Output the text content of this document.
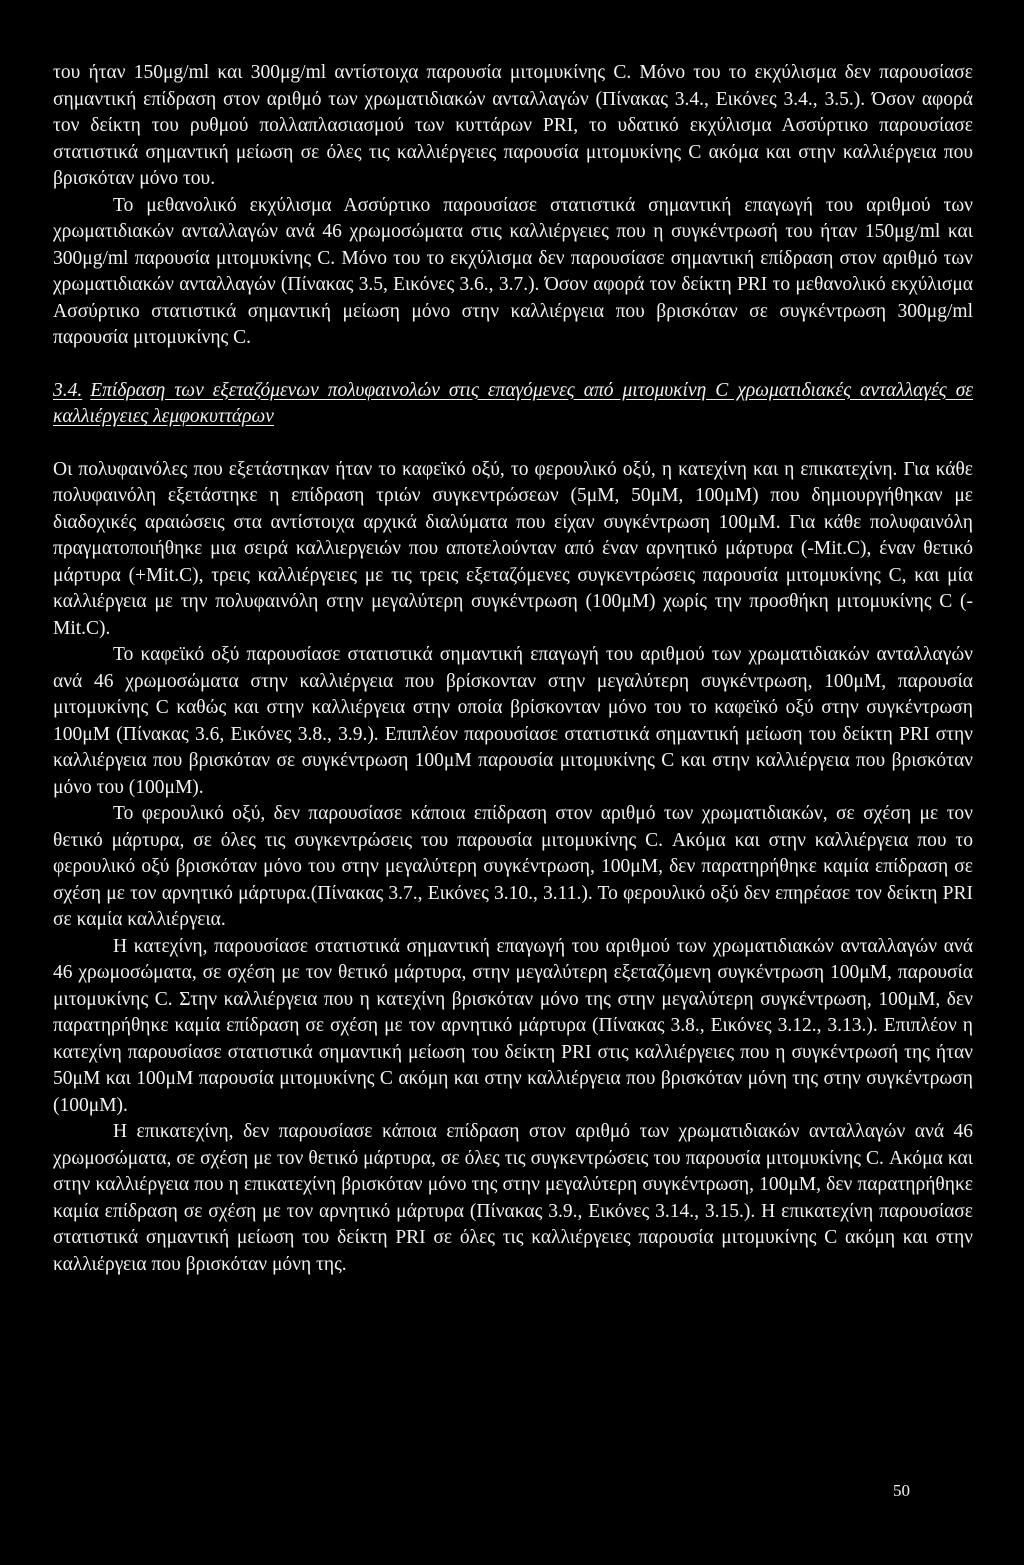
του ήταν 150μg/ml και 300μg/ml αντίστοιχα παρουσία μιτομυκίνης C. Μόνο του το εκχύλισμα δεν παρουσίασε σημαντική επίδραση στον αριθμό των χρωματιδιακών ανταλλαγών (Πίνακας 3.4., Εικόνες 3.4., 3.5.). Όσον αφορά τον δείκτη του ρυθμού πολλαπλασιασμού των κυττάρων PRI, το υδατικό εκχύλισμα Ασσύρτικο παρουσίασε στατιστικά σημαντική μείωση σε όλες τις καλλιέργειες παρουσία μιτομυκίνης C ακόμα και στην καλλιέργεια που βρισκόταν μόνο του.

Το μεθανολικό εκχύλισμα Ασσύρτικο παρουσίασε στατιστικά σημαντική επαγωγή του αριθμού των χρωματιδιακών ανταλλαγών ανά 46 χρωμοσώματα στις καλλιέργειες που η συγκέντρωσή του ήταν 150μg/ml και 300μg/ml παρουσία μιτομυκίνης C. Μόνο του το εκχύλισμα δεν παρουσίασε σημαντική επίδραση στον αριθμό των χρωματιδιακών ανταλλαγών (Πίνακας 3.5, Εικόνες 3.6., 3.7.). Όσον αφορά τον δείκτη PRI το μεθανολικό εκχύλισμα Ασσύρτικο στατιστικά σημαντική μείωση μόνο στην καλλιέργεια που βρισκόταν σε συγκέντρωση 300μg/ml παρουσία μιτομυκίνης C.

3.4. Επίδραση των εξεταζόμενων πολυφαινολών στις επαγόμενες από μιτομυκίνη C χρωματιδιακές ανταλλαγές σε καλλιέργειες λεμφοκυττάρων

Οι πολυφαινόλες που εξετάστηκαν ήταν το καφεϊκό οξύ, το φερουλικό οξύ, η κατεχίνη και η επικατεχίνη. Για κάθε πολυφαινόλη εξετάστηκε η επίδραση τριών συγκεντρώσεων (5μΜ, 50μΜ, 100μΜ) που δημιουργήθηκαν με διαδοχικές αραιώσεις στα αντίστοιχα αρχικά διαλύματα που είχαν συγκέντρωση 100μΜ. Για κάθε πολυφαινόλη πραγματοποιήθηκε μια σειρά καλλιεργειών που αποτελούνταν από έναν αρνητικό μάρτυρα (-Mit.C), έναν θετικό μάρτυρα (+Mit.C), τρεις καλλιέργειες με τις τρεις εξεταζόμενες συγκεντρώσεις παρουσία μιτομυκίνης C, και μία καλλιέργεια με την πολυφαινόλη στην μεγαλύτερη συγκέντρωση (100μΜ) χωρίς την προσθήκη μιτομυκίνης C (-Mit.C).

Το καφεϊκό οξύ παρουσίασε στατιστικά σημαντική επαγωγή του αριθμού των χρωματιδιακών ανταλλαγών ανά 46 χρωμοσώματα στην καλλιέργεια που βρίσκονταν στην μεγαλύτερη συγκέντρωση, 100μΜ, παρουσία μιτομυκίνης C καθώς και στην καλλιέργεια στην οποία βρίσκονταν μόνο του το καφεϊκό οξύ στην συγκέντρωση 100μΜ (Πίνακας 3.6, Εικόνες 3.8., 3.9.). Επιπλέον παρουσίασε στατιστικά σημαντική μείωση του δείκτη PRI στην καλλιέργεια που βρισκόταν σε συγκέντρωση 100μΜ παρουσία μιτομυκίνης C και στην καλλιέργεια που βρισκόταν μόνο του (100μΜ).

Το φερουλικό οξύ, δεν παρουσίασε κάποια επίδραση στον αριθμό των χρωματιδιακών, σε σχέση με τον θετικό μάρτυρα, σε όλες τις συγκεντρώσεις του παρουσία μιτομυκίνης C. Ακόμα και στην καλλιέργεια που το φερουλικό οξύ βρισκόταν μόνο του στην μεγαλύτερη συγκέντρωση, 100μΜ, δεν παρατηρήθηκε καμία επίδραση σε σχέση με τον αρνητικό μάρτυρα.(Πίνακας 3.7., Εικόνες 3.10., 3.11.). Το φερουλικό οξύ δεν επηρέασε τον δείκτη PRI σε καμία καλλιέργεια.

Η κατεχίνη, παρουσίασε στατιστικά σημαντική επαγωγή του αριθμού των χρωματιδιακών ανταλλαγών ανά 46 χρωμοσώματα, σε σχέση με τον θετικό μάρτυρα, στην μεγαλύτερη εξεταζόμενη συγκέντρωση 100μΜ, παρουσία μιτομυκίνης C. Στην καλλιέργεια που η κατεχίνη βρισκόταν μόνο της στην μεγαλύτερη συγκέντρωση, 100μΜ, δεν παρατηρήθηκε καμία επίδραση σε σχέση με τον αρνητικό μάρτυρα (Πίνακας 3.8., Εικόνες 3.12., 3.13.). Επιπλέον η κατεχίνη παρουσίασε στατιστικά σημαντική μείωση του δείκτη PRI στις καλλιέργειες που η συγκέντρωσή της ήταν 50μΜ και 100μΜ παρουσία μιτομυκίνης C ακόμη και στην καλλιέργεια που βρισκόταν μόνη της στην συγκέντρωση (100μΜ).

Η επικατεχίνη, δεν παρουσίασε κάποια επίδραση στον αριθμό των χρωματιδιακών ανταλλαγών ανά 46 χρωμοσώματα, σε σχέση με τον θετικό μάρτυρα, σε όλες τις συγκεντρώσεις του παρουσία μιτομυκίνης C. Ακόμα και στην καλλιέργεια που η επικατεχίνη βρισκόταν μόνο της στην μεγαλύτερη συγκέντρωση, 100μΜ, δεν παρατηρήθηκε καμία επίδραση σε σχέση με τον αρνητικό μάρτυρα (Πίνακας 3.9., Εικόνες 3.14., 3.15.). Η επικατεχίνη παρουσίασε στατιστικά σημαντική μείωση του δείκτη PRI σε όλες τις καλλιέργειες παρουσία μιτομυκίνης C ακόμη και στην καλλιέργεια που βρισκόταν μόνη της.

50
